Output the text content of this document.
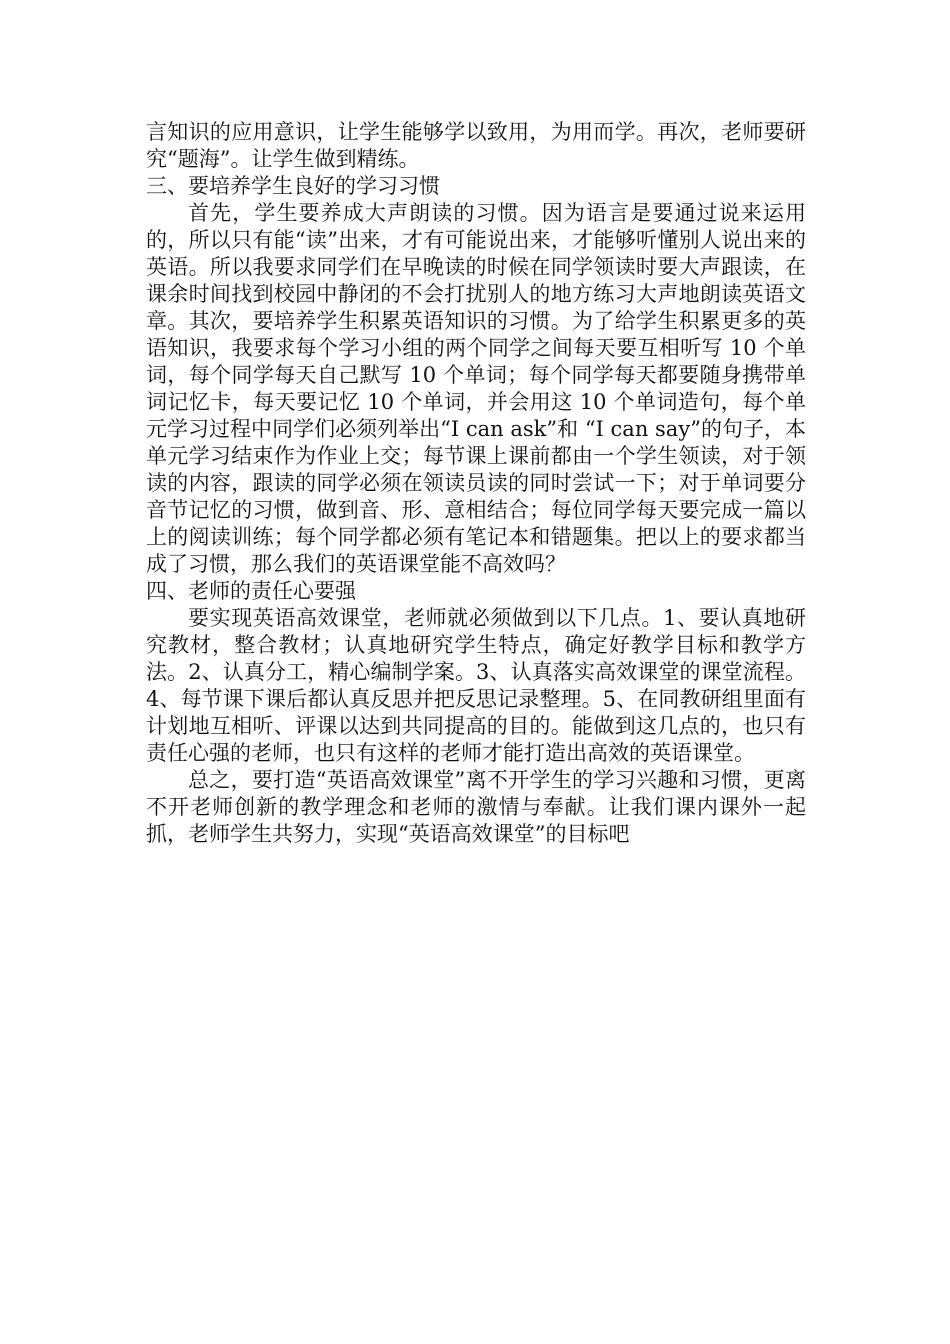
言知识的应用意识，让学生能够学以致用，为用而学。再次，老师要研究“题海”。让学生做到精练。

三、要培养学生良好的学习习惯

首先，学生要养成大声朗读的习惯。因为语言是要通过说来运用的，所以只有能“读”出来，才有可能说出来，才能够听懂别人说出来的英语。所以我要求同学们在早晚读的时候在同学领读时要大声跟读，在课余时间找到校园中静闭的不会打扰别人的地方练习大声地朗读英语文章。其次，要培养学生积累英语知识的习惯。为了给学生积累更多的英语知识，我要求每个学习小组的两个同学之间每天要互相听写 10 个单词，每个同学每天自己默写 10 个单词；每个同学每天都要随身携带单词记忆卡，每天要记忆 10 个单词，并会用这 10 个单词造句，每个单元学习过程中同学们必须列举出“I can ask”和 “I can say”的句子，本单元学习结束作为作业上交；每节课上课前都由一个学生领读，对于领读的内容，跟读的同学必须在领读员读的同时尝试一下；对于单词要分音节记忆的习惯，做到音、形、意相结合；每位同学每天要完成一篇以上的阅读训练；每个同学都必须有笔记本和错题集。把以上的要求都当成了习惯，那么我们的英语课堂能不高效吗？

四、老师的责任心要强

要实现英语高效课堂，老师就必须做到以下几点。1、要认真地研究教材，整合教材；认真地研究学生特点，确定好教学目标和教学方法。2、认真分工，精心编制学案。3、认真落实高效课堂的课堂流程。4、每节课下课后都认真反思并把反思记录整理。5、在同教研组里面有计划地互相听、评课以达到共同提高的目的。能做到这几点的，也只有责任心强的老师，也只有这样的老师才能打造出高效的英语课堂。

总之，要打造“英语高效课堂”离不开学生的学习兴趣和习惯，更离不开老师创新的教学理念和老师的激情与奉献。让我们课内课外一起抓，老师学生共努力，实现“英语高效课堂”的目标吧
